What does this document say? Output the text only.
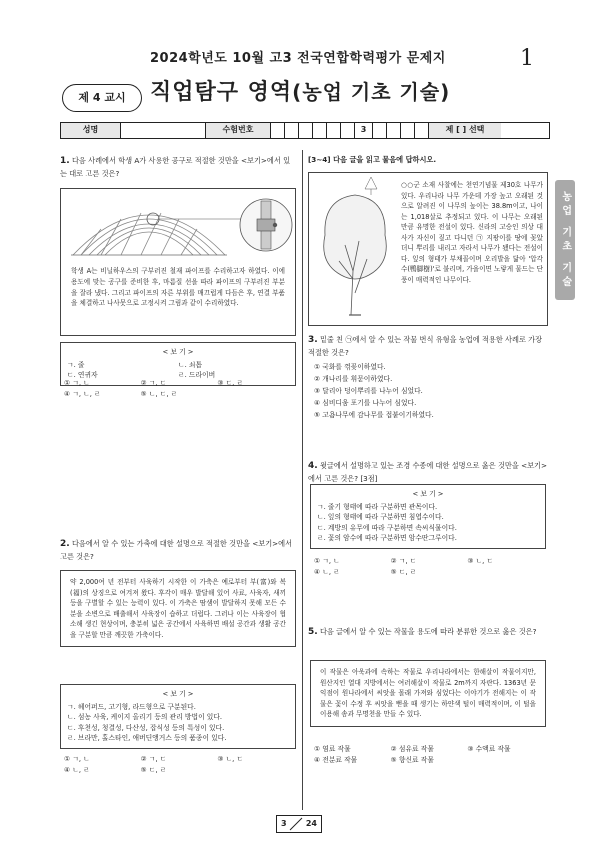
2024학년도 10월 고3 전국연합학력평가 문제지	1
제 4 교시	직업탐구 영역(농업 기초 기술)
성명	수험번호	3	제 [ ] 선택
농업 기초 기술
1. 다음 사례에서 학생 A가 사용한 공구로 적절한 것만을 <보기>에서 있는 대로 고른 것은?
학생 A는 비닐하우스의 구부러진 철재 파이프를 수리하고자 하였다. 이에 용도에 맞는 공구를 준비한 후, 마름질 선을 따라 파이프의 구부러진 부분을 잘라 냈다. 그리고 파이프의 자른 부위를 매끄럽게 다듬은 후, 연결 부품을 체결하고 나사못으로 고정시켜 그림과 같이 수리하였다.
< 보 기 >
ㄱ. 줄	ㄴ. 쇠톱
ㄷ. 연귀자	ㄹ. 드라이버
① ㄱ, ㄴ	② ㄱ, ㄷ	③ ㄷ, ㄹ
④ ㄱ, ㄴ, ㄹ	⑤ ㄴ, ㄷ, ㄹ
2. 다음에서 알 수 있는 가축에 대한 설명으로 적절한 것만을 <보기>에서 고른 것은?
약 2,000여 년 전부터 사육하기 시작한 이 가축은 예로부터 부(富)와 복(福)의 상징으로 여겨져 왔다. 후각이 매우 발달해 있어 사료, 사육자, 새끼 등을 구별할 수 있는 능력이 있다. 이 가축은 땀샘이 발달하지 못해 모든 수분을 소변으로 배출해서 사육장이 습하고 더럽다. 그러나 이는 사육장이 협소해 생긴 현상이며, 충분히 넓은 공간에서 사육하면 배설 공간과 생활 공간을 구분할 만큼 깨끗한 가축이다.
< 보 기 >
ㄱ. 헤어퍼드, 고기형, 라드형으로 구분된다.
ㄴ. 섬농 사육, 케이지 올리기 등의 관리 방법이 있다.
ㄷ. 후천성, 청결성, 다산성, 잡식성 등의 특성이 있다.
ㄹ. 브라만, 홀스타인, 애버딘앵거스 등의 품종이 있다.
① ㄱ, ㄴ	② ㄱ, ㄷ	③ ㄴ, ㄷ
④ ㄴ, ㄹ	⑤ ㄷ, ㄹ
[3~4] 다음 글을 읽고 물음에 답하시오.
○○군 소재 사찰에는 천연기념물 제30호 나무가 있다. 우리나라 나무 가운데 가장 높고 오래된 것으로 알려진 이 나무의 높이는 38.8m이고, 나이는 1,018살로 추정되고 있다. 이 나무는 오래된 만큼 유명한 전설이 있다. 신라의 고승인 의상 대사가 자신이 짚고 다니던 ㉠ 지팡이를 땅에 꽂았더니 뿌리를 내리고 자라서 나무가 됐다는 전설이다. 잎의 형태가 부채꼴이며 오리발을 닮아 '압각수(鴨脚樹)'로 불리며, 가을이면 노랗게 물드는 단풍이 매력적인 나무이다.
3. 밑줄 친 ㉠에서 알 수 있는 작물 번식 유형을 농업에 적용한 사례로 가장 적절한 것은?
① 국화를 꺾꽂이하였다.
② 개나리를 휘묻이하였다.
③ 달리아 덩이뿌리를 나누어 심었다.
④ 심비디움 포기를 나누어 심었다.
⑤ 고욤나무에 감나무를 접붙이기하였다.
4. 윗글에서 설명하고 있는 조경 수종에 대한 설명으로 옳은 것만을 <보기>에서 고른 것은? [3점]
< 보 기 >
ㄱ. 줄기 형태에 따라 구분하면 관목이다.
ㄴ. 잎의 형태에 따라 구분하면 침엽수이다.
ㄷ. 계방의 유무에 따라 구분하면 속씨식물이다.
ㄹ. 꽃의 암수에 따라 구분하면 암수딴그루이다.
① ㄱ, ㄴ	② ㄱ, ㄷ	③ ㄴ, ㄷ
④ ㄴ, ㄹ	⑤ ㄷ, ㄹ
5. 다음 글에서 알 수 있는 작물을 용도에 따라 분류한 것으로 옳은 것은?
이 작물은 아욱과에 속하는 작물로 우리나라에서는 한해살이 작물이지만, 원산지인 열대 지방에서는 여러해살이 작물로 2m까지 자란다. 1363년 문익점이 원나라에서 씨앗을 몰래 가져와 심었다는 이야기가 전해지는 이 작물은 꽃이 수정 후 씨앗을 뻗을 때 생기는 하얀색 털이 매력적이며, 이 털을 이용해 솜과 무명천을 만들 수 있다.
① 염료 작물	② 섬유료 작물	③ 수액료 작물
④ 전분료 작물	⑤ 향신료 작물
3 24
